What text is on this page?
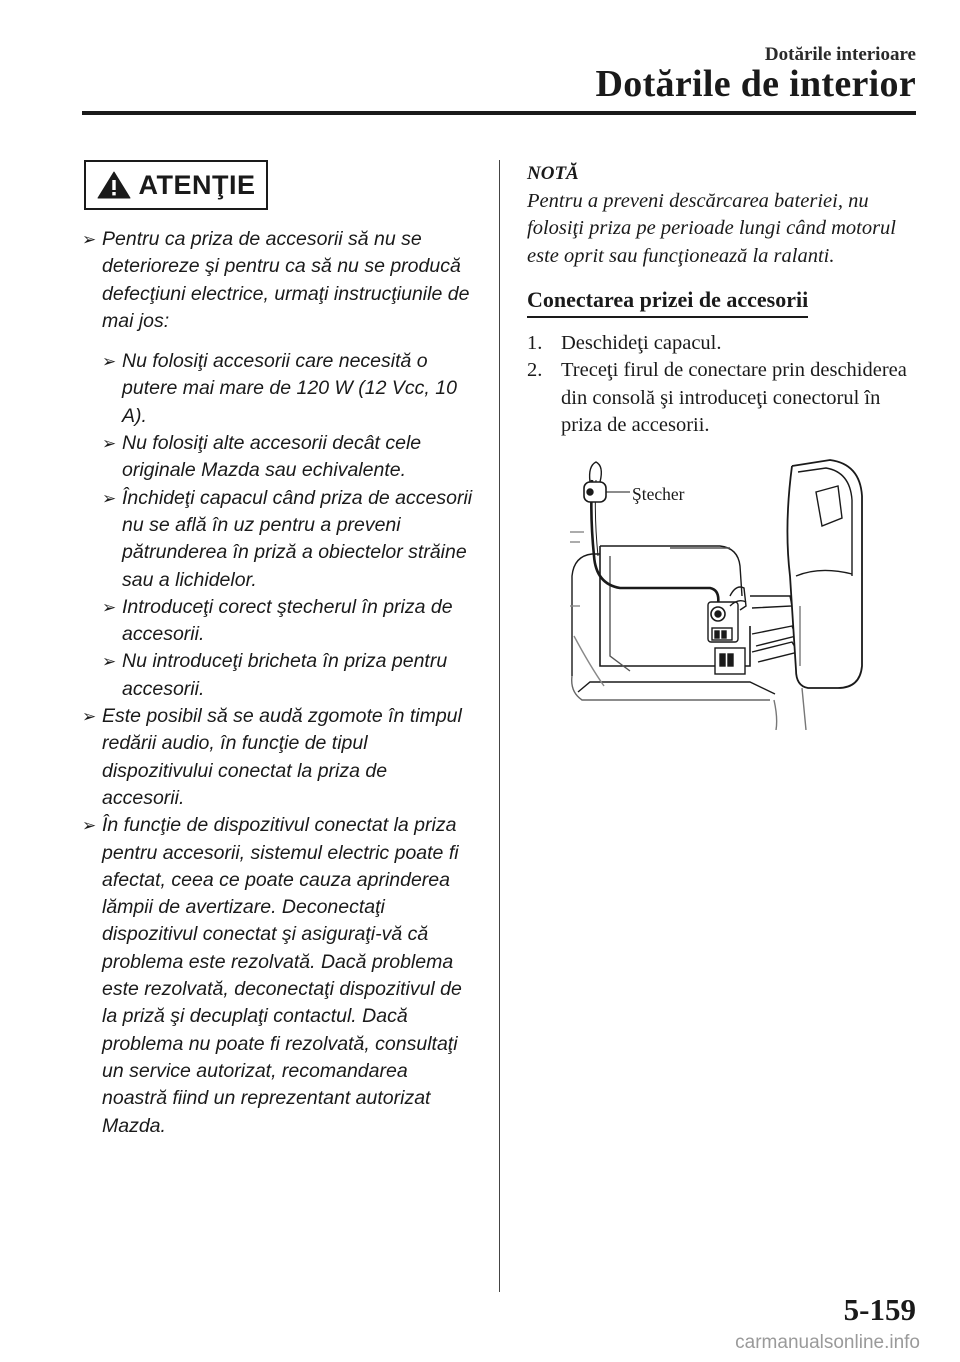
Dotările interioare
Dotările de interior
ATENŢIE
➢ Pentru ca priza de accesorii să nu se deterioreze şi pentru ca să nu se producă defecţiuni electrice, urmaţi instrucţiunile de mai jos:
➢ Nu folosiţi accesorii care necesită o putere mai mare de 120 W (12 Vcc, 10 A).
➢ Nu folosiţi alte accesorii decât cele originale Mazda sau echivalente.
➢ Închideţi capacul când priza de accesorii nu se află în uz pentru a preveni pătrunderea în priză a obiectelor străine sau a lichidelor.
➢ Introduceţi corect ştecherul în priza de accesorii.
➢ Nu introduceţi bricheta în priza pentru accesorii.
➢ Este posibil să se audă zgomote în timpul redării audio, în funcţie de tipul dispozitivului conectat la priza de accesorii.
➢ În funcţie de dispozitivul conectat la priza pentru accesorii, sistemul electric poate fi afectat, ceea ce poate cauza aprinderea lămpii de avertizare. Deconectaţi dispozitivul conectat şi asiguraţi-vă că problema este rezolvată. Dacă problema este rezolvată, deconectaţi dispozitivul de la priză şi decuplaţi contactul. Dacă problema nu poate fi rezolvată, consultaţi un service autorizat, recomandarea noastră fiind un reprezentant autorizat Mazda.
NOTĂ
Pentru a preveni descărcarea bateriei, nu folosiţi priza pe perioade lungi când motorul este oprit sau funcţionează la ralanti.
Conectarea prizei de accesorii
1. Deschideţi capacul.
2. Treceţi firul de conectare prin deschiderea din consolă şi introduceţi conectorul în priza de accesorii.
Ştecher
5-159
carmanualsonline.info
